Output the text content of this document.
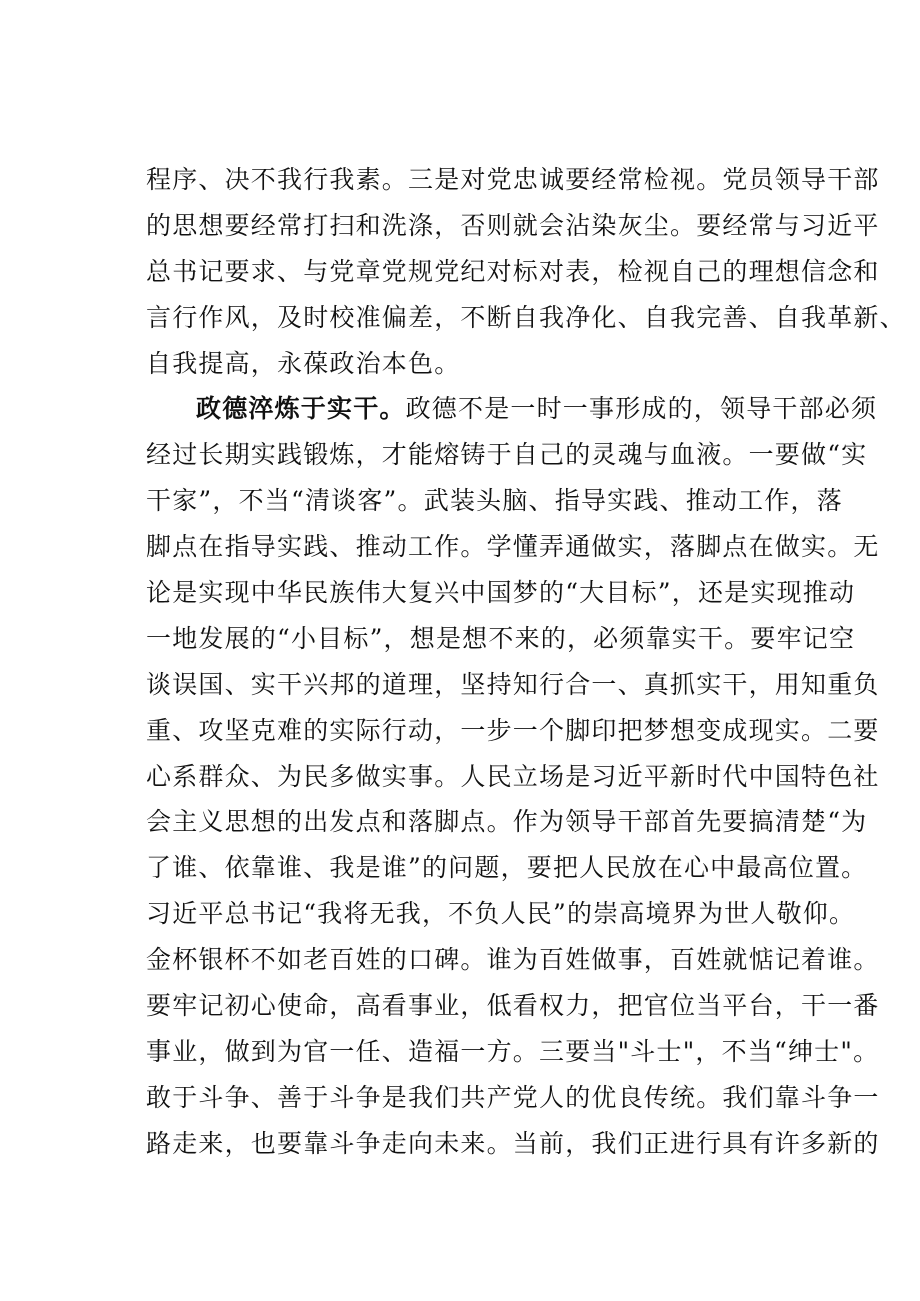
程序、决不我行我素。三是对党忠诚要经常检视。党员领导干部
的思想要经常打扫和洗涤，否则就会沾染灰尘。要经常与习近平
总书记要求、与党章党规党纪对标对表，检视自己的理想信念和
言行作风，及时校准偏差，不断自我净化、自我完善、自我革新、
自我提高，永葆政治本色。
政德淬炼于实干。政德不是一时一事形成的，领导干部必须
经过长期实践锻炼，才能熔铸于自己的灵魂与血液。一要做“实
干家”，不当“清谈客”。武装头脑、指导实践、推动工作，落
脚点在指导实践、推动工作。学懂弄通做实，落脚点在做实。无
论是实现中华民族伟大复兴中国梦的“大目标”，还是实现推动
一地发展的“小目标”，想是想不来的，必须靠实干。要牢记空
谈误国、实干兴邦的道理，坚持知行合一、真抓实干，用知重负
重、攻坚克难的实际行动，一步一个脚印把梦想变成现实。二要
心系群众、为民多做实事。人民立场是习近平新时代中国特色社
会主义思想的出发点和落脚点。作为领导干部首先要搞清楚“为
了谁、依靠谁、我是谁”的问题，要把人民放在心中最高位置。
习近平总书记“我将无我，不负人民”的崇高境界为世人敬仰。
金杯银杯不如老百姓的口碑。谁为百姓做事，百姓就惦记着谁。
要牢记初心使命，高看事业，低看权力，把官位当平台，干一番
事业，做到为官一任、造福一方。三要当"斗士"，不当“绅士"。
敢于斗争、善于斗争是我们共产党人的优良传统。我们靠斗争一
路走来，也要靠斗争走向未来。当前，我们正进行具有许多新的
